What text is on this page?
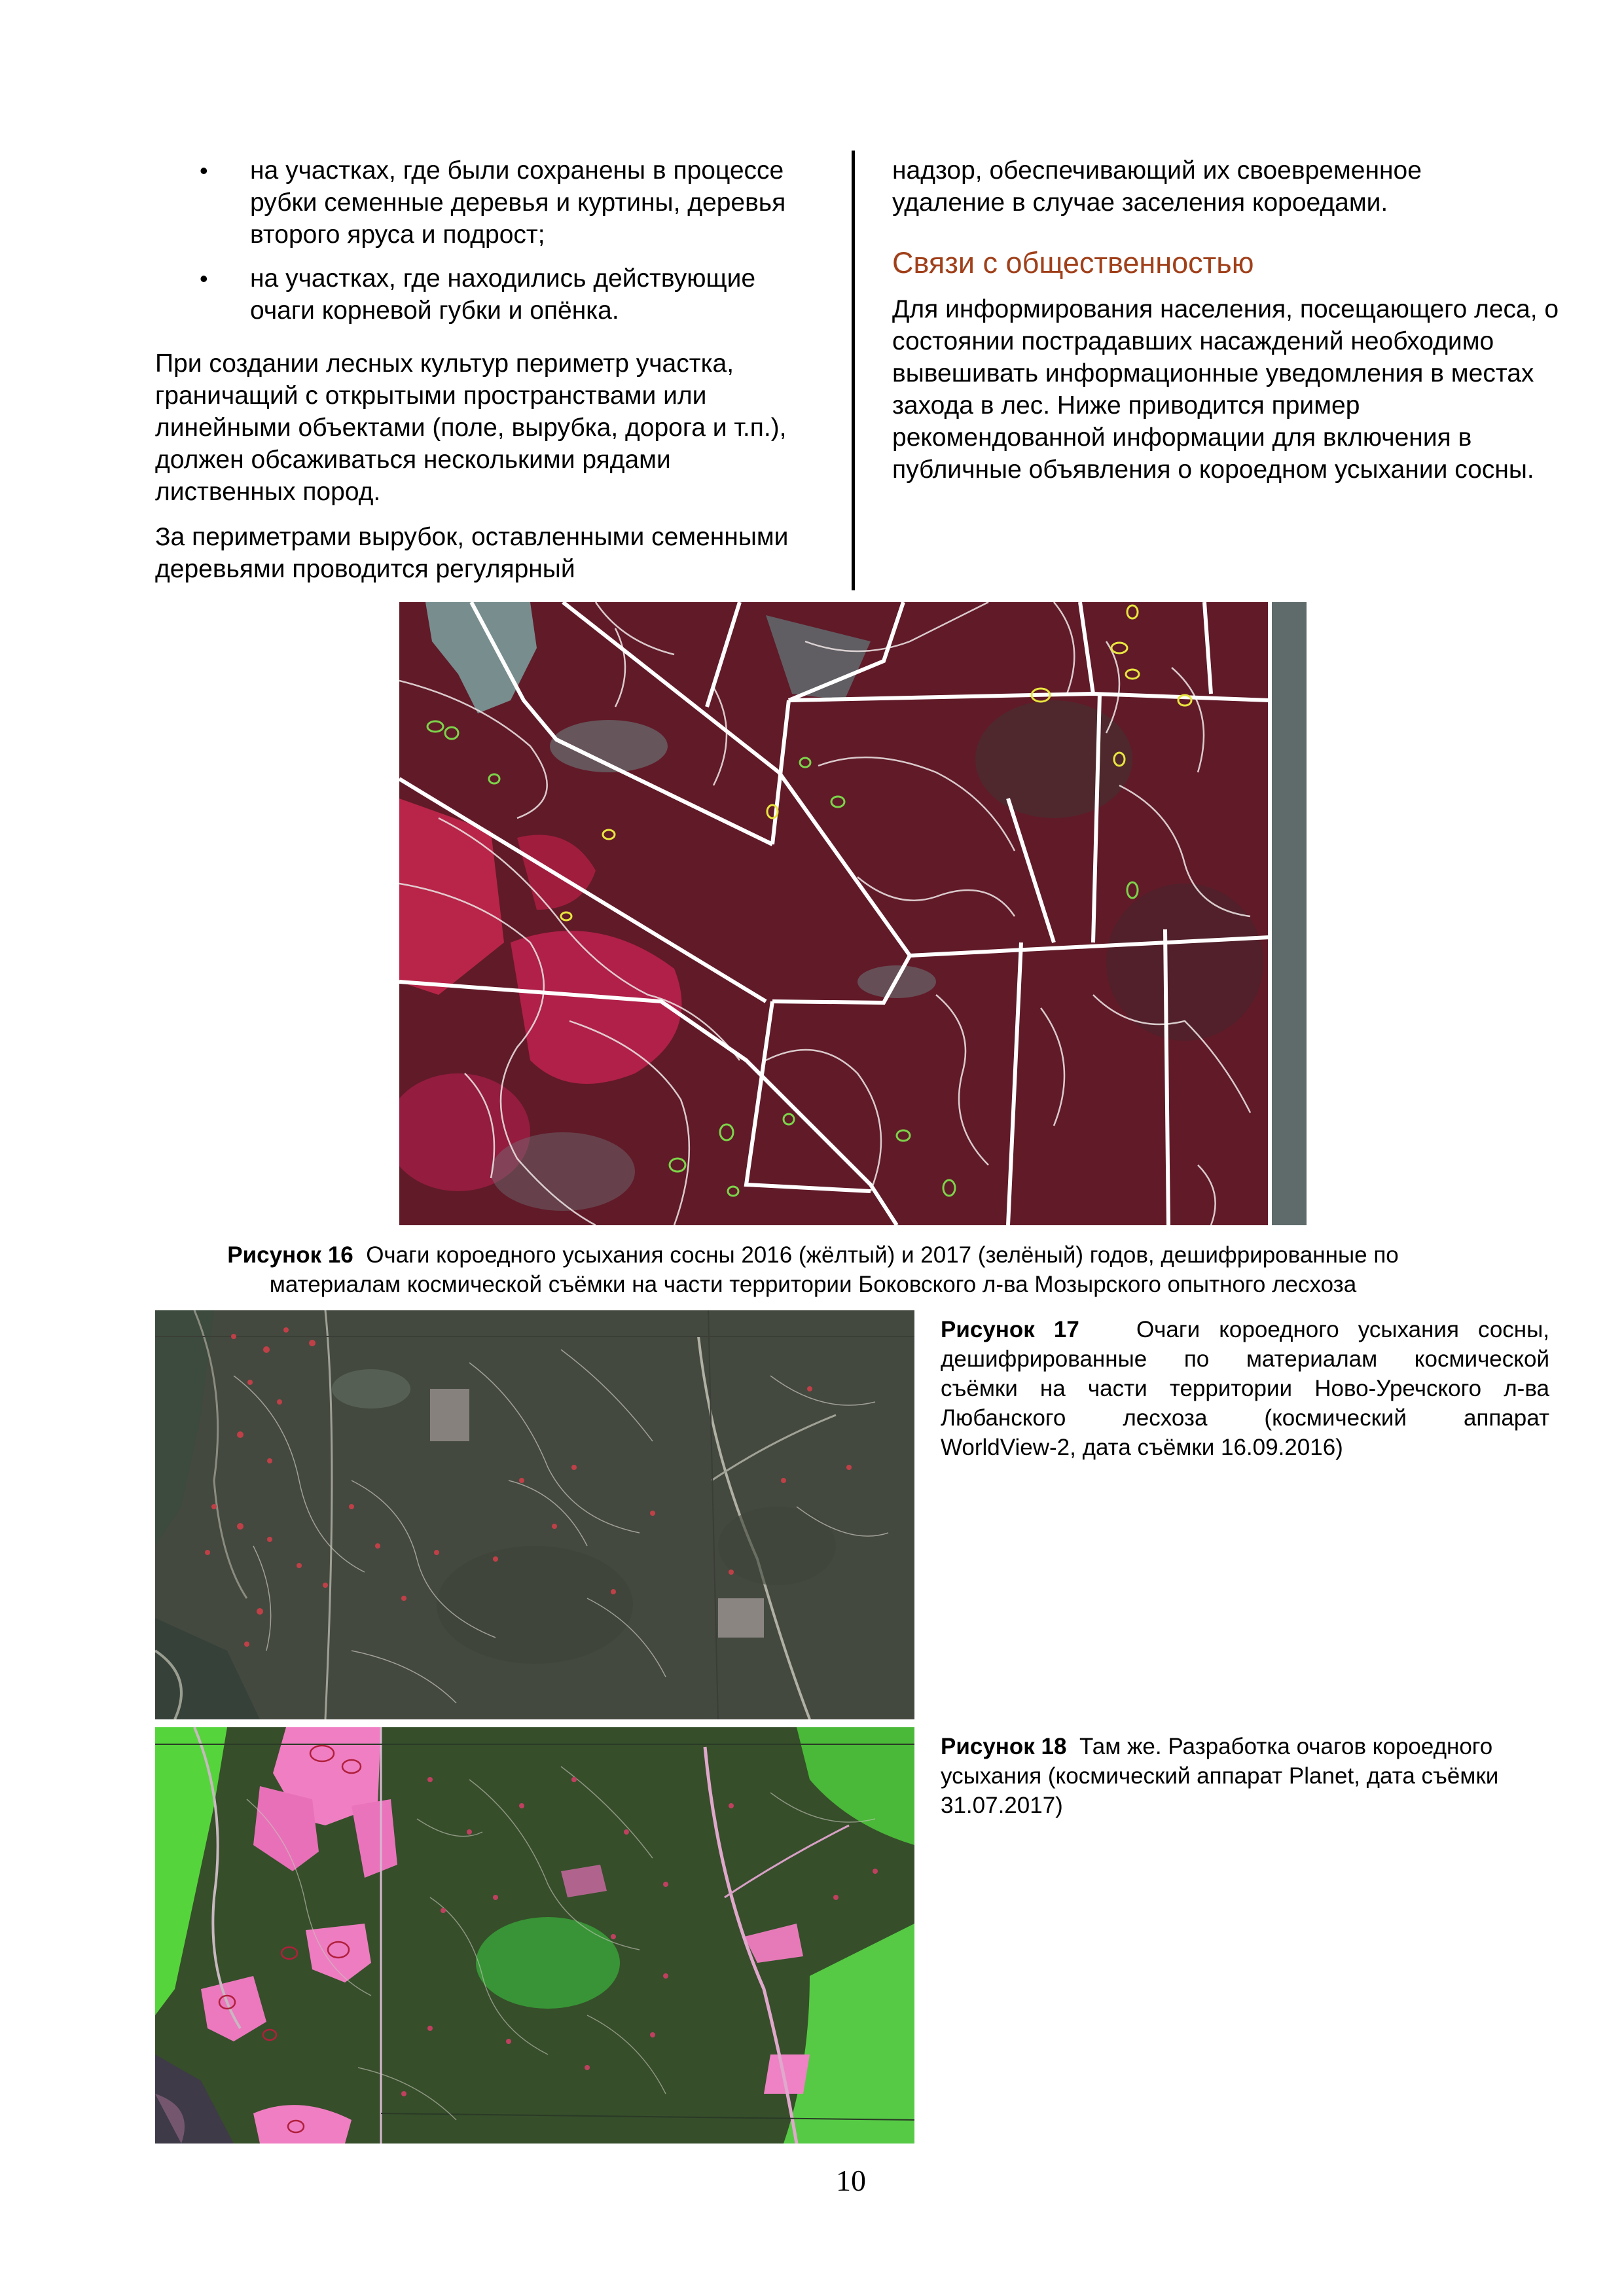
• на участках, где были сохранены в процессе рубки семенные деревья и куртины, деревья второго яруса и подрост;
• на участках, где находились действующие очаги корневой губки и опёнка.

При создании лесных культур периметр участка, граничащий с открытыми пространствами или линейными объектами (поле, вырубка, дорога и т.п.), должен обсаживаться несколькими рядами лиственных пород.

За периметрами вырубок, оставленными семенными деревьями проводится регулярный

надзор, обеспечивающий их своевременное удаление в случае заселения короедами.

Связи с общественностью

Для информирования населения, посещающего леса, о состоянии пострадавших насаждений необходимо вывешивать информационные уведомления в местах захода в лес. Ниже приводится пример рекомендованной информации для включения в публичные объявления о короедном усыхании сосны.

Рисунок 16 Очаги короедного усыхания сосны 2016 (жёлтый) и 2017 (зелёный) годов, дешифрированные по
материалам космической съёмки на части территории Боковского л-ва Мозырского опытного лесхоза
Рисунок 17 Очаги короедного усыхания сосны,
дешифрированные по материалам космической
съёмки на части территории Ново-Уречского л-ва
Любанского лесхоза (космический аппарат
WorldView-2, дата съёмки 16.09.2016)
Рисунок 18 Там же. Разработка очагов короедного
усыхания (космический аппарат Planet, дата съёмки
31.07.2017)
10
